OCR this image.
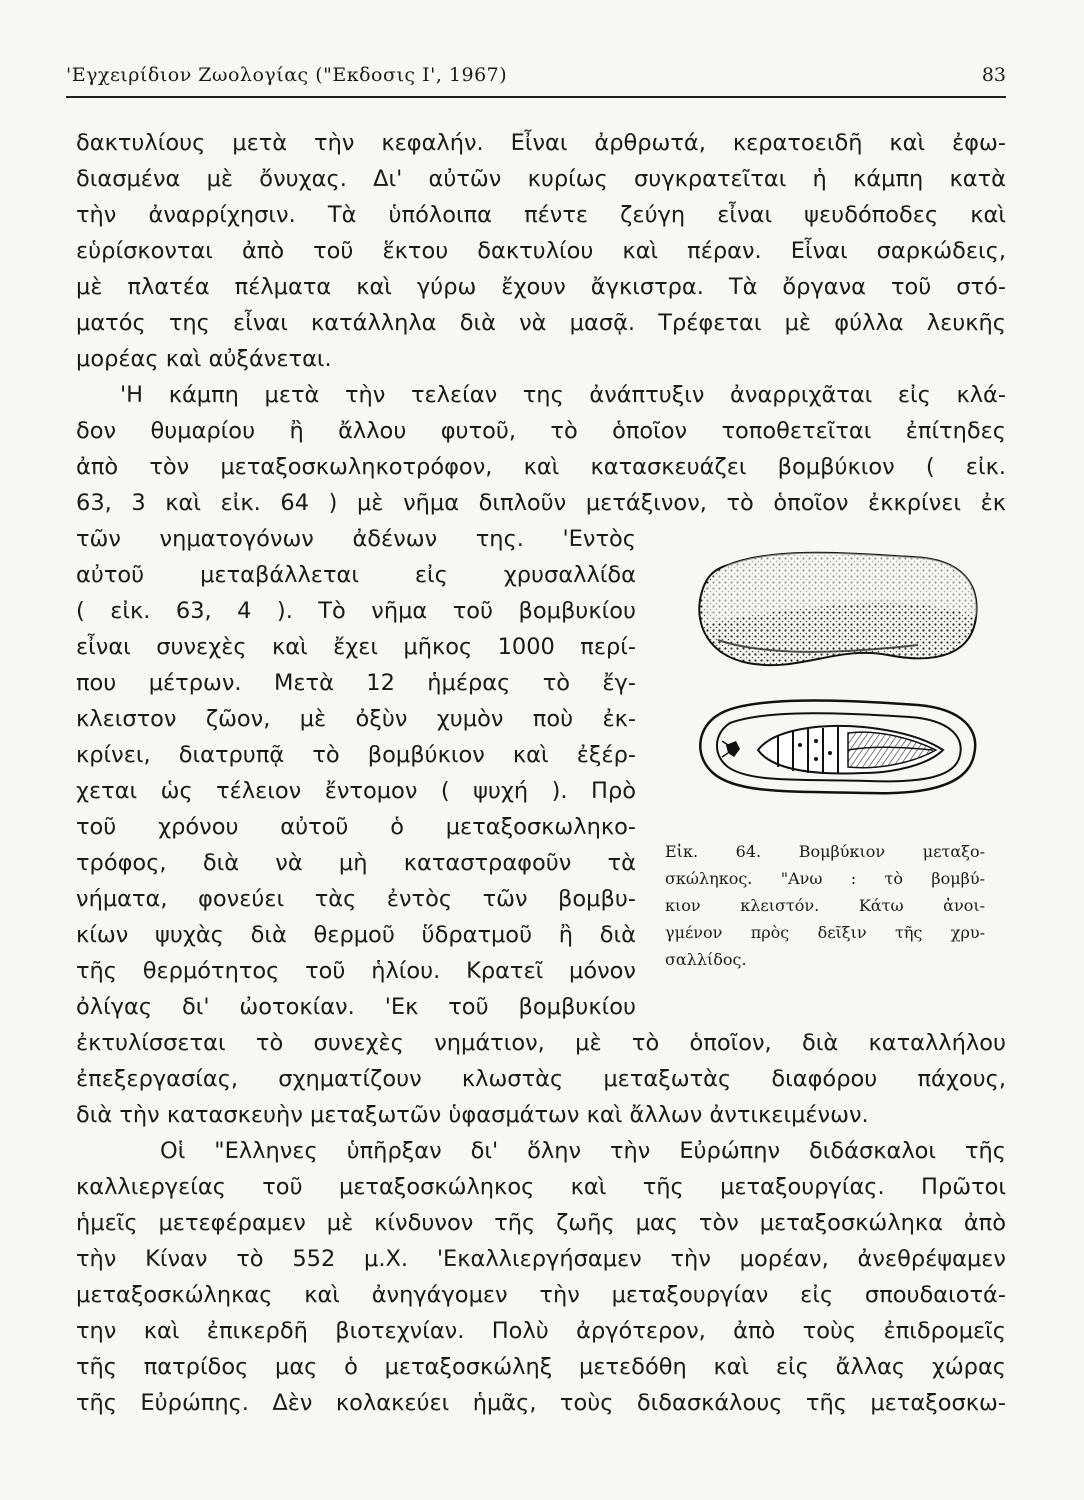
'Εγχειρίδιον Ζωολογίας ("Εκδοσις Ι', 1967)	83
δακτυλίους μετὰ τὴν κεφαλήν. Εἶναι ἀρθρωτά, κερατοειδῆ καὶ ἐφω-
διασμένα μὲ ὄνυχας. Δι' αὐτῶν κυρίως συγκρατεῖται ἡ κάμπη κατὰ
τὴν ἀναρρίχησιν. Τὰ ὑπόλοιπα πέντε ζεύγη εἶναι ψευδόποδες καὶ
εὑρίσκονται ἀπὸ τοῦ ἕκτου δακτυλίου καὶ πέραν. Εἶναι σαρκώδεις,
μὲ πλατέα πέλματα καὶ γύρω ἔχουν ἄγκιστρα. Τὰ ὄργανα τοῦ στό-
ματός της εἶναι κατάλληλα διὰ νὰ μασᾷ. Τρέφεται μὲ φύλλα λευκῆς
μορέας καὶ αὐξάνεται.
'Η κάμπη μετὰ τὴν τελείαν της ἀνάπτυξιν ἀναρριχᾶται εἰς κλά-
δον θυμαρίου ἢ ἄλλου φυτοῦ, τὸ ὁποῖον τοποθετεῖται ἐπίτηδες
ἀπὸ τὸν μεταξοσκωληκοτρόφον, καὶ κατασκευάζει βομβύκιον ( εἰκ.
63, 3 καὶ εἰκ. 64 ) μὲ νῆμα διπλοῦν μετάξινον, τὸ ὁποῖον ἐκκρίνει ἐκ
τῶν νηματογόνων ἀδένων της. 'Εντὸς
αὐτοῦ μεταβάλλεται εἰς χρυσαλλίδα
( εἰκ. 63, 4 ). Τὸ νῆμα τοῦ βομβυκίου
εἶναι συνεχὲς καὶ ἔχει μῆκος 1000 περί-
που μέτρων. Μετὰ 12 ἡμέρας τὸ ἔγ-
κλειστον ζῶον, μὲ ὀξὺν χυμὸν ποὺ ἐκ-
κρίνει, διατρυπᾷ τὸ βομβύκιον καὶ ἐξέρ-
χεται ὡς τέλειον ἔντομον ( ψυχή ). Πρὸ
τοῦ χρόνου αὐτοῦ ὁ μεταξοσκωληκο-
τρόφος, διὰ νὰ μὴ καταστραφοῦν τὰ
νήματα, φονεύει τὰς ἐντὸς τῶν βομβυ-
κίων ψυχὰς διὰ θερμοῦ ὕδρατμοῦ ἢ διὰ
τῆς θερμότητος τοῦ ἡλίου. Κρατεῖ μόνον
ὀλίγας δι' ὠοτοκίαν. 'Εκ τοῦ βομβυκίου
ἐκτυλίσσεται τὸ συνεχὲς νημάτιον, μὲ τὸ ὁποῖον, διὰ καταλλήλου
ἐπεξεργασίας, σχηματίζουν κλωστὰς μεταξωτὰς διαφόρου πάχους,
διὰ τὴν κατασκευὴν μεταξωτῶν ὑφασμάτων καὶ ἄλλων ἀντικειμένων.
Οἱ "Ελληνες ὑπῆρξαν δι' ὅλην τὴν Εὐρώπην διδάσκαλοι τῆς
καλλιεργείας τοῦ μεταξοσκώληκος καὶ τῆς μεταξουργίας. Πρῶτοι
ἡμεῖς μετεφέραμεν μὲ κίνδυνον τῆς ζωῆς μας τὸν μεταξοσκώληκα ἀπὸ
τὴν Κίναν τὸ 552 μ.Χ. 'Εκαλλιεργήσαμεν τὴν μορέαν, ἀνεθρέψαμεν
μεταξοσκώληκας καὶ ἀνηγάγομεν τὴν μεταξουργίαν εἰς σπουδαιοτά-
την καὶ ἐπικερδῆ βιοτεχνίαν. Πολὺ ἀργότερον, ἀπὸ τοὺς ἐπιδρομεῖς
τῆς πατρίδος μας ὁ μεταξοσκώληξ μετεδόθη καὶ εἰς ἄλλας χώρας
τῆς Εὐρώπης. Δὲν κολακεύει ἡμᾶς, τοὺς διδασκάλους τῆς μεταξοσκω-
Εἰκ. 64. Βομβύκιον μεταξο-
σκώληκος. "Ανω : τὸ βομβύ-
κιον κλειστόν. Κάτω ἀνοι-
γμένον πρὸς δεῖξιν τῆς χρυ-
σαλλίδος.
